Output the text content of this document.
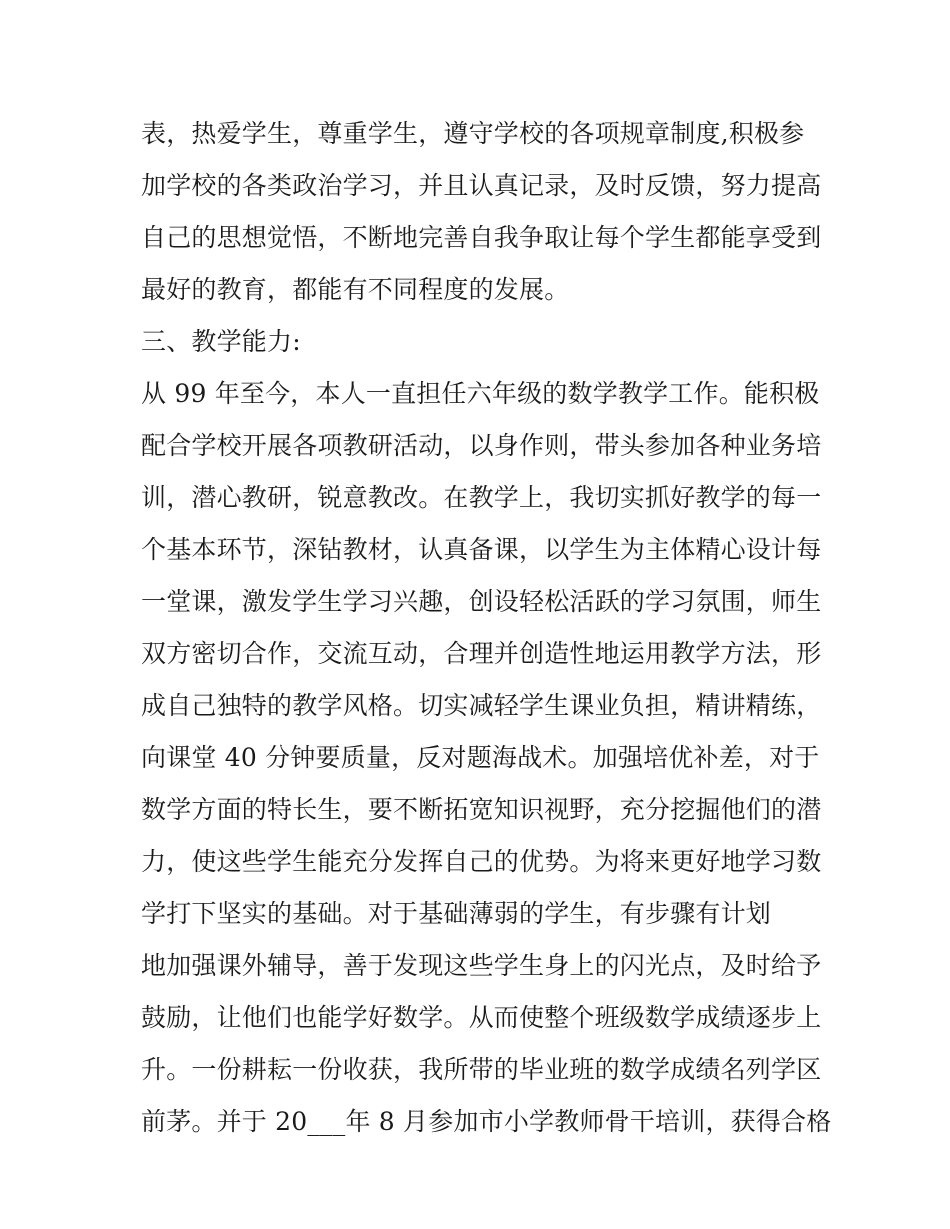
表，热爱学生，尊重学生，遵守学校的各项规章制度,积极参
加学校的各类政治学习，并且认真记录，及时反馈，努力提高
自己的思想觉悟，不断地完善自我争取让每个学生都能享受到
最好的教育，都能有不同程度的发展。
三、教学能力:
从 99 年至今，本人一直担任六年级的数学教学工作。能积极
配合学校开展各项教研活动，以身作则，带头参加各种业务培
训，潜心教研，锐意教改。在教学上，我切实抓好教学的每一
个基本环节，深钻教材，认真备课，以学生为主体精心设计每
一堂课，激发学生学习兴趣，创设轻松活跃的学习氛围，师生
双方密切合作，交流互动，合理并创造性地运用教学方法，形
成自己独特的教学风格。切实减轻学生课业负担，精讲精练，
向课堂 40 分钟要质量，反对题海战术。加强培优补差，对于
数学方面的特长生，要不断拓宽知识视野，充分挖掘他们的潜
力，使这些学生能充分发挥自己的优势。为将来更好地学习数
学打下坚实的基础。对于基础薄弱的学生，有步骤有计划
地加强课外辅导，善于发现这些学生身上的闪光点，及时给予
鼓励，让他们也能学好数学。从而使整个班级数学成绩逐步上
升。一份耕耘一份收获，我所带的毕业班的数学成绩名列学区
前茅。并于 20___年 8 月参加市小学教师骨干培训，获得合格
